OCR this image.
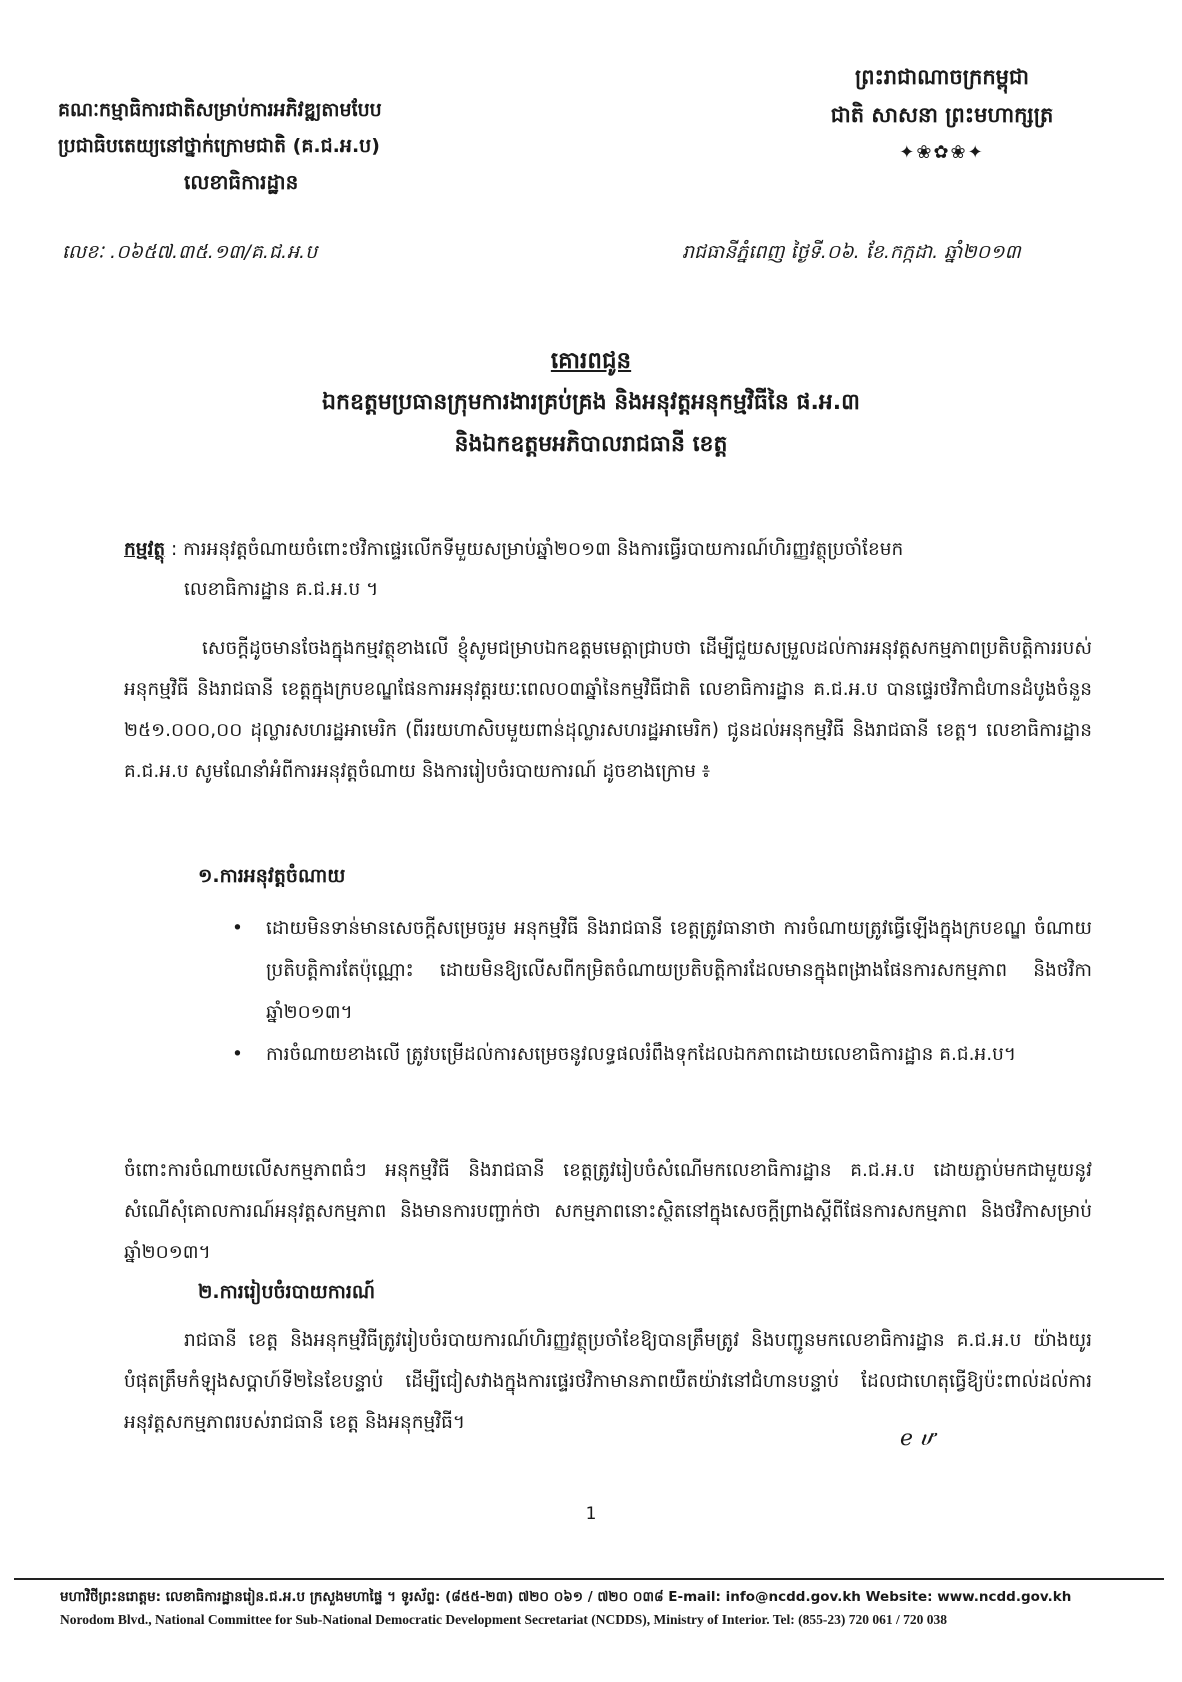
គណៈកម្មាធិការជាតិសម្រាប់ការអភិវឌ្ឍតាមបែប
ប្រជាធិបតេយ្យនៅថ្នាក់ក្រោមជាតិ (គ.ជ.អ.ប)
លេខាធិការដ្ឋាន
ព្រះរាជាណាចក្រកម្ពុជា
ជាតិ សាសនា ព្រះមហាក្សត្រ
✦❀✿❀✦
លេខៈ .០៦៥៧.៣៥.១៣/គ.ជ.អ.ប	រាជធានីភ្នំពេញ ថ្ងៃទី.០៦. ខែ.កក្កដា. ឆ្នាំ២០១៣
គោរពជូន
ឯកឧត្តមប្រធានក្រុមការងារគ្រប់គ្រង និងអនុវត្តអនុកម្មវិធីនៃ ផ.អ.៣
និងឯកឧត្តមអភិបាលរាជធានី ខេត្ត
កម្មវត្ថុ : ការអនុវត្តចំណាយចំពោះថវិកាផ្ទេរលើកទីមួយសម្រាប់ឆ្នាំ២០១៣ និងការធ្វើរបាយការណ៍ហិរញ្ញវត្ថុប្រចាំខែមក
លេខាធិការដ្ឋាន គ.ជ.អ.ប ។

សេចក្តីដូចមានចែងក្នុងកម្មវត្ថុខាងលើ ខ្ញុំសូមជម្រាបឯកឧត្តមមេត្តាជ្រាបថា ដើម្បីជួយសម្រួលដល់ការអនុវត្តសកម្មភាពប្រតិបត្តិការរបស់អនុកម្មវិធី និងរាជធានី ខេត្តក្នុងក្របខណ្ឌផែនការអនុវត្តរយៈពេល០៣ឆ្នាំនៃកម្មវិធីជាតិ លេខាធិការដ្ឋាន គ.ជ.អ.ប បានផ្ទេរថវិកាជំហានដំបូងចំនួន ២៥១.០០០,០០ ដុល្លារសហរដ្ឋអាមេរិក (ពីររយហាសិបមួយពាន់ដុល្លារសហរដ្ឋអាមេរិក) ជូនដល់អនុកម្មវិធី និងរាជធានី ខេត្ត។ លេខាធិការដ្ឋាន គ.ជ.អ.ប សូមណែនាំអំពីការអនុវត្តចំណាយ និងការរៀបចំរបាយការណ៍ ដូចខាងក្រោម ៖

១.ការអនុវត្តចំណាយ
• ដោយមិនទាន់មានសេចក្តីសម្រេចរួម អនុកម្មវិធី និងរាជធានី ខេត្តត្រូវធានាថា ការចំណាយត្រូវធ្វើឡើងក្នុងក្របខណ្ឌ ចំណាយប្រតិបត្តិការតែប៉ុណ្ណោះ ដោយមិនឱ្យលើសពីកម្រិតចំណាយប្រតិបត្តិការដែលមានក្នុងពង្រាងផែនការសកម្មភាព និងថវិកាឆ្នាំ២០១៣។
• ការចំណាយខាងលើ ត្រូវបម្រើដល់ការសម្រេចនូវលទ្ធផលរំពឹងទុកដែលឯកភាពដោយលេខាធិការដ្ឋាន គ.ជ.អ.ប។

ចំពោះការចំណាយលើសកម្មភាពធំៗ អនុកម្មវិធី និងរាជធានី ខេត្តត្រូវរៀបចំសំណើមកលេខាធិការដ្ឋាន គ.ជ.អ.ប ដោយភ្ជាប់មកជាមួយនូវសំណើសុំគោលការណ៍អនុវត្តសកម្មភាព និងមានការបញ្ជាក់ថា សកម្មភាពនោះស្ថិតនៅក្នុងសេចក្តីព្រាងស្តីពីផែនការសកម្មភាព និងថវិកាសម្រាប់ឆ្នាំ២០១៣។

២.ការរៀបចំរបាយការណ៍

រាជធានី ខេត្ត និងអនុកម្មវិធីត្រូវរៀបចំរបាយការណ៍ហិរញ្ញវត្ថុប្រចាំខែឱ្យបានត្រឹមត្រូវ និងបញ្ជូនមកលេខាធិការដ្ឋាន គ.ជ.អ.ប យ៉ាងយូរបំផុតត្រឹមកំឡុងសប្តាហ៍ទី២នៃខែបន្ទាប់ ដើម្បីជៀសវាងក្នុងការផ្ទេរថវិកាមានភាពយឺតយ៉ាវនៅជំហានបន្ទាប់ ដែលជាហេតុធ្វើឱ្យប៉ះពាល់ដល់ការអនុវត្តសកម្មភាពរបស់រាជធានី ខេត្ត និងអនុកម្មវិធី។

ℯ ሆ
1
មហាវិថីព្រះនរោត្តម: លេខាធិការដ្ឋានរៀន.ជ.អ.ប ក្រសួងមហាផ្ទៃ ។ ទូរស័ព្ទ: (៨៥៥-២៣) ៧២០ ០៦១ / ៧២០ ០៣៨ E-mail: info@ncdd.gov.kh Website: www.ncdd.gov.kh
Norodom Blvd., National Committee for Sub-National Democratic Development Secretariat (NCDDS), Ministry of Interior. Tel: (855-23) 720 061 / 720 038
